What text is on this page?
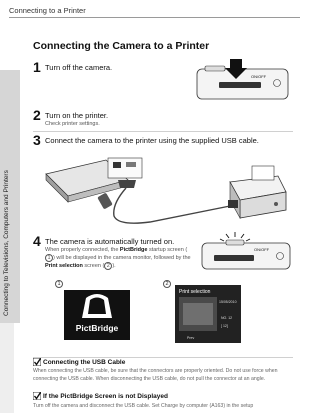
Connecting to a Printer
Connecting to Televisions, Computers and Printers
Connecting the Camera to a Printer
1 Turn off the camera.
ON/OFF
2 Turn on the printer.
Check printer settings.
3 Connect the camera to the printer using the supplied USB cable.
4 The camera is automatically turned on.
When properly connected, the PictBridge startup screen (1 ) will be displayed in the camera monitor, followed by the Print selection screen ( 2 ).
ON/OFF
1
PictBridge
2
Print selection
15/05/2010
NO. 12
[ 12]
Prev
Connecting the USB Cable
When connecting the USB cable, be sure that the connectors are properly oriented. Do not use force when connecting the USB cable. When disconnecting the USB cable, do not pull the connector at an angle.
If the PictBridge Screen is not Displayed
Turn off the camera and disconnect the USB cable. Set Charge by computer (A163) in the setup
